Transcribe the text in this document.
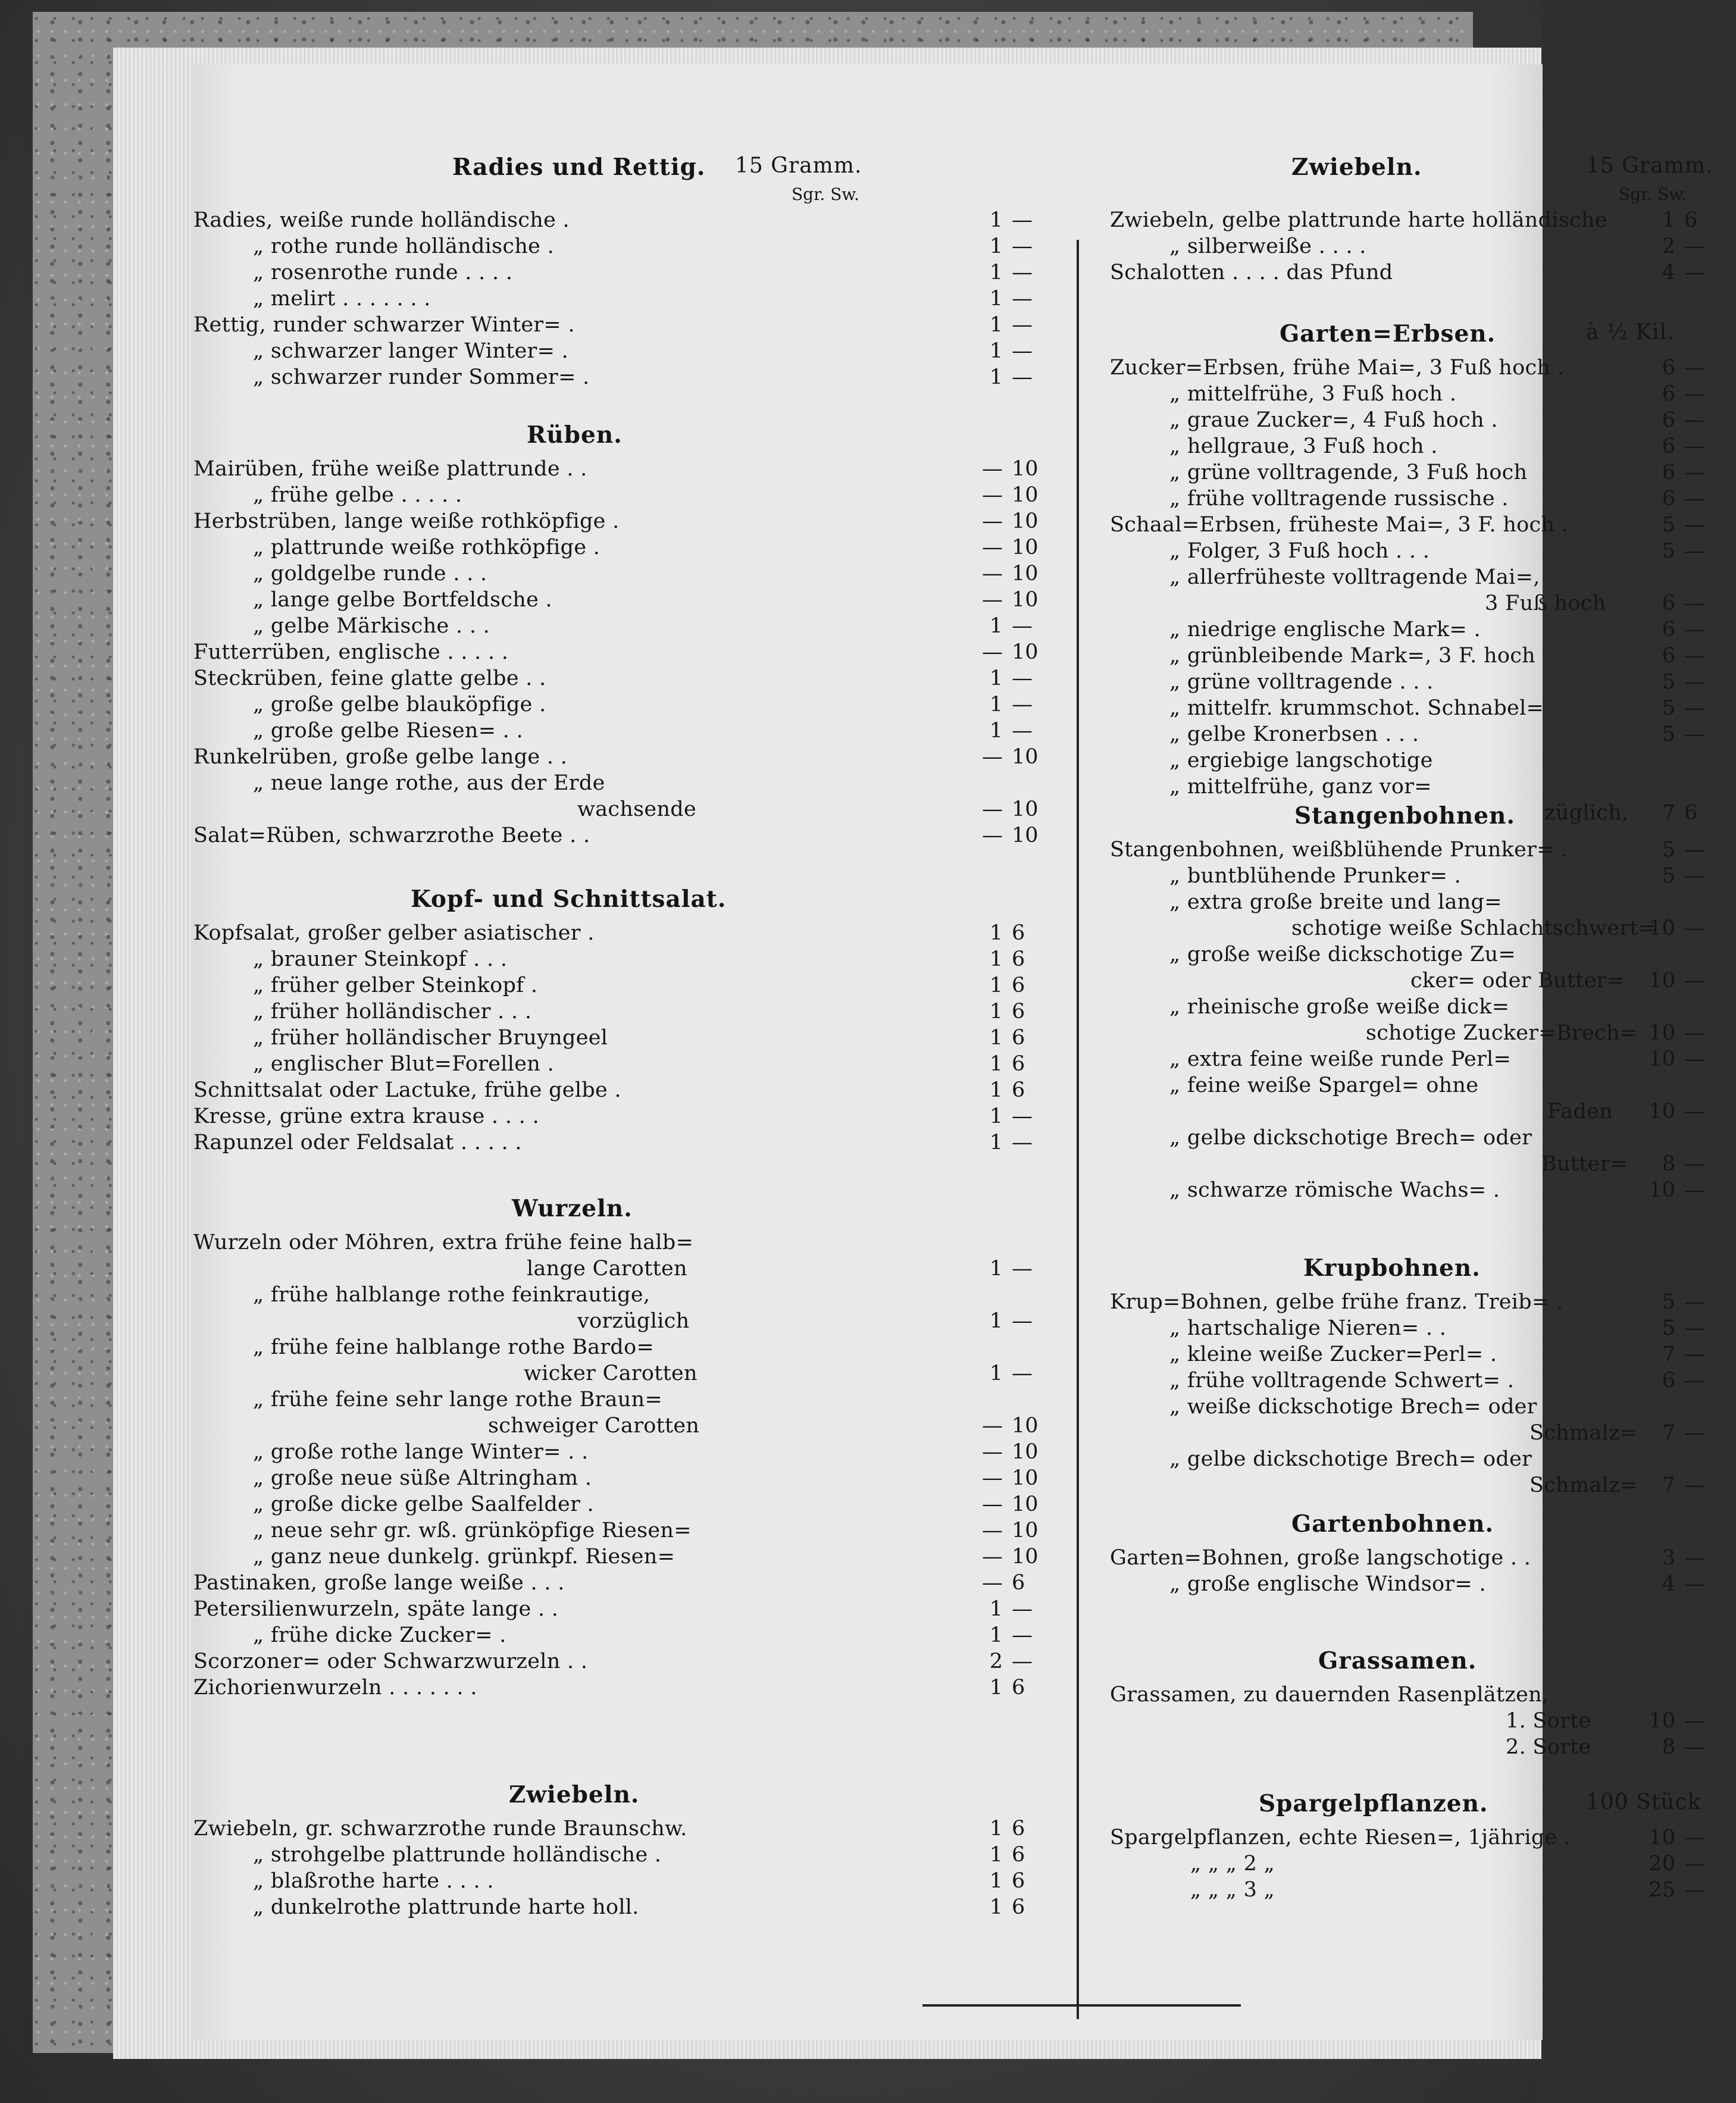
Radies und Rettig. 15 Gramm.
Sgr. Sw.
Radies, weiße runde holländische .	1 —
„ rothe runde holländische .	1 —
„ rosenrothe runde . . . .	1 —
„ melirt . . . . . . .	1 —
Rettig, runder schwarzer Winter= .	1 —
„ schwarzer langer Winter= .	1 —
„ schwarzer runder Sommer= .	1 —
Rüben.
Mairüben, frühe weiße plattrunde . .	— 10
„ frühe gelbe . . . . .	— 10
Herbstrüben, lange weiße rothköpfige .	— 10
„ plattrunde weiße rothköpfige .	— 10
„ goldgelbe runde . . .	— 10
„ lange gelbe Bortfeldsche .	— 10
„ gelbe Märkische . . .	1 —
Futterrüben, englische . . . . .	— 10
Steckrüben, feine glatte gelbe . .	1 —
„ große gelbe blauköpfige .	1 —
„ große gelbe Riesen= . .	1 —
Runkelrüben, große gelbe lange . .	— 10
„ neue lange rothe, aus der Erde
wachsende	— 10
Salat=Rüben, schwarzrothe Beete . .	— 10
Kopf- und Schnittsalat.
Kopfsalat, großer gelber asiatischer .	1 6
„ brauner Steinkopf . . .	1 6
„ früher gelber Steinkopf .	1 6
„ früher holländischer . . .	1 6
„ früher holländischer Bruyngeel	1 6
„ englischer Blut=Forellen .	1 6
Schnittsalat oder Lactuke, frühe gelbe .	1 6
Kresse, grüne extra krause . . . .	1 —
Rapunzel oder Feldsalat . . . . .	1 —
Wurzeln.
Wurzeln oder Möhren, extra frühe feine halb=
lange Carotten	1 —
„ frühe halblange rothe feinkrautige,
vorzüglich	1 —
„ frühe feine halblange rothe Bardo=
wicker Carotten	1 —
„ frühe feine sehr lange rothe Braun=
schweiger Carotten	— 10
„ große rothe lange Winter= . .	— 10
„ große neue süße Altringham .	— 10
„ große dicke gelbe Saalfelder .	— 10
„ neue sehr gr. wß. grünköpfige Riesen=	— 10
„ ganz neue dunkelg. grünkpf. Riesen=	— 10
Pastinaken, große lange weiße . . .	— 6
Petersilienwurzeln, späte lange . .	1 —
„ frühe dicke Zucker= .	1 —
Scorzoner= oder Schwarzwurzeln . .	2 —
Zichorienwurzeln . . . . . . .	1 6
Zwiebeln.
Zwiebeln, gr. schwarzrothe runde Braunschw.	1 6
„ strohgelbe plattrunde holländische .	1 6
„ blaßrothe harte . . . .	1 6
„ dunkelrothe plattrunde harte holl.	1 6
Zwiebeln.	15 Gramm.
Sgr. Sw.
Zwiebeln, gelbe plattrunde harte holländische	1 6
„ silberweiße . . . .	2 —
Schalotten . . . . das Pfund	4 —
Garten=Erbsen.	à ½ Kil.
Zucker=Erbsen, frühe Mai=, 3 Fuß hoch .	6 —
„ mittelfrühe, 3 Fuß hoch .	6 —
„ graue Zucker=, 4 Fuß hoch .	6 —
„ hellgraue, 3 Fuß hoch .	6 —
„ grüne volltragende, 3 Fuß hoch	6 —
„ frühe volltragende russische .	6 —
Schaal=Erbsen, früheste Mai=, 3 F. hoch .	5 —
„ Folger, 3 Fuß hoch . . .	5 —
„ allerfrüheste volltragende Mai=,
3 Fuß hoch	6 —
„ niedrige englische Mark= .	6 —
„ grünbleibende Mark=, 3 F. hoch	6 —
„ grüne volltragende . . .	5 —
„ mittelfr. krummschot. Schnabel=	5 —
„ gelbe Kronerbsen . . .	5 —
„ ergiebige langschotige
„ mittelfrühe, ganz vor=
züglich,	7 6
Stangenbohnen.
Stangenbohnen, weißblühende Prunker= .	5 —
„ buntblühende Prunker= .	5 —
„ extra große breite und lang=
schotige weiße Schlachtschwert=
10 —
„ große weiße dickschotige Zu=
cker= oder Butter=	10 —
„ rheinische große weiße dick=
schotige Zucker=Brech= 10 —
„ extra feine weiße runde Perl=	10 —
„ feine weiße Spargel= ohne
Faden	10 —
„ gelbe dickschotige Brech= oder
Butter=	8 —
„ schwarze römische Wachs= .	10 —
Krupbohnen.
Krup=Bohnen, gelbe frühe franz. Treib= .	5 —
„ hartschalige Nieren= . .	5 —
„ kleine weiße Zucker=Perl= .	7 —
„ frühe volltragende Schwert= .	6 —
„ weiße dickschotige Brech= oder
Schmalz=	7 —
„ gelbe dickschotige Brech= oder
Schmalz=	7 —
Gartenbohnen.
Garten=Bohnen, große langschotige . .	3 —
„ große englische Windsor= .	4 —
Grassamen.
Grassamen, zu dauernden Rasenplätzen,
1. Sorte	10 —
2. Sorte	8 —
Spargelpflanzen.	100 Stück
Spargelpflanzen, echte Riesen=, 1jährige .	10 —
„ „ „ 2 „	20 —
„ „ „ 3 „	25 —
